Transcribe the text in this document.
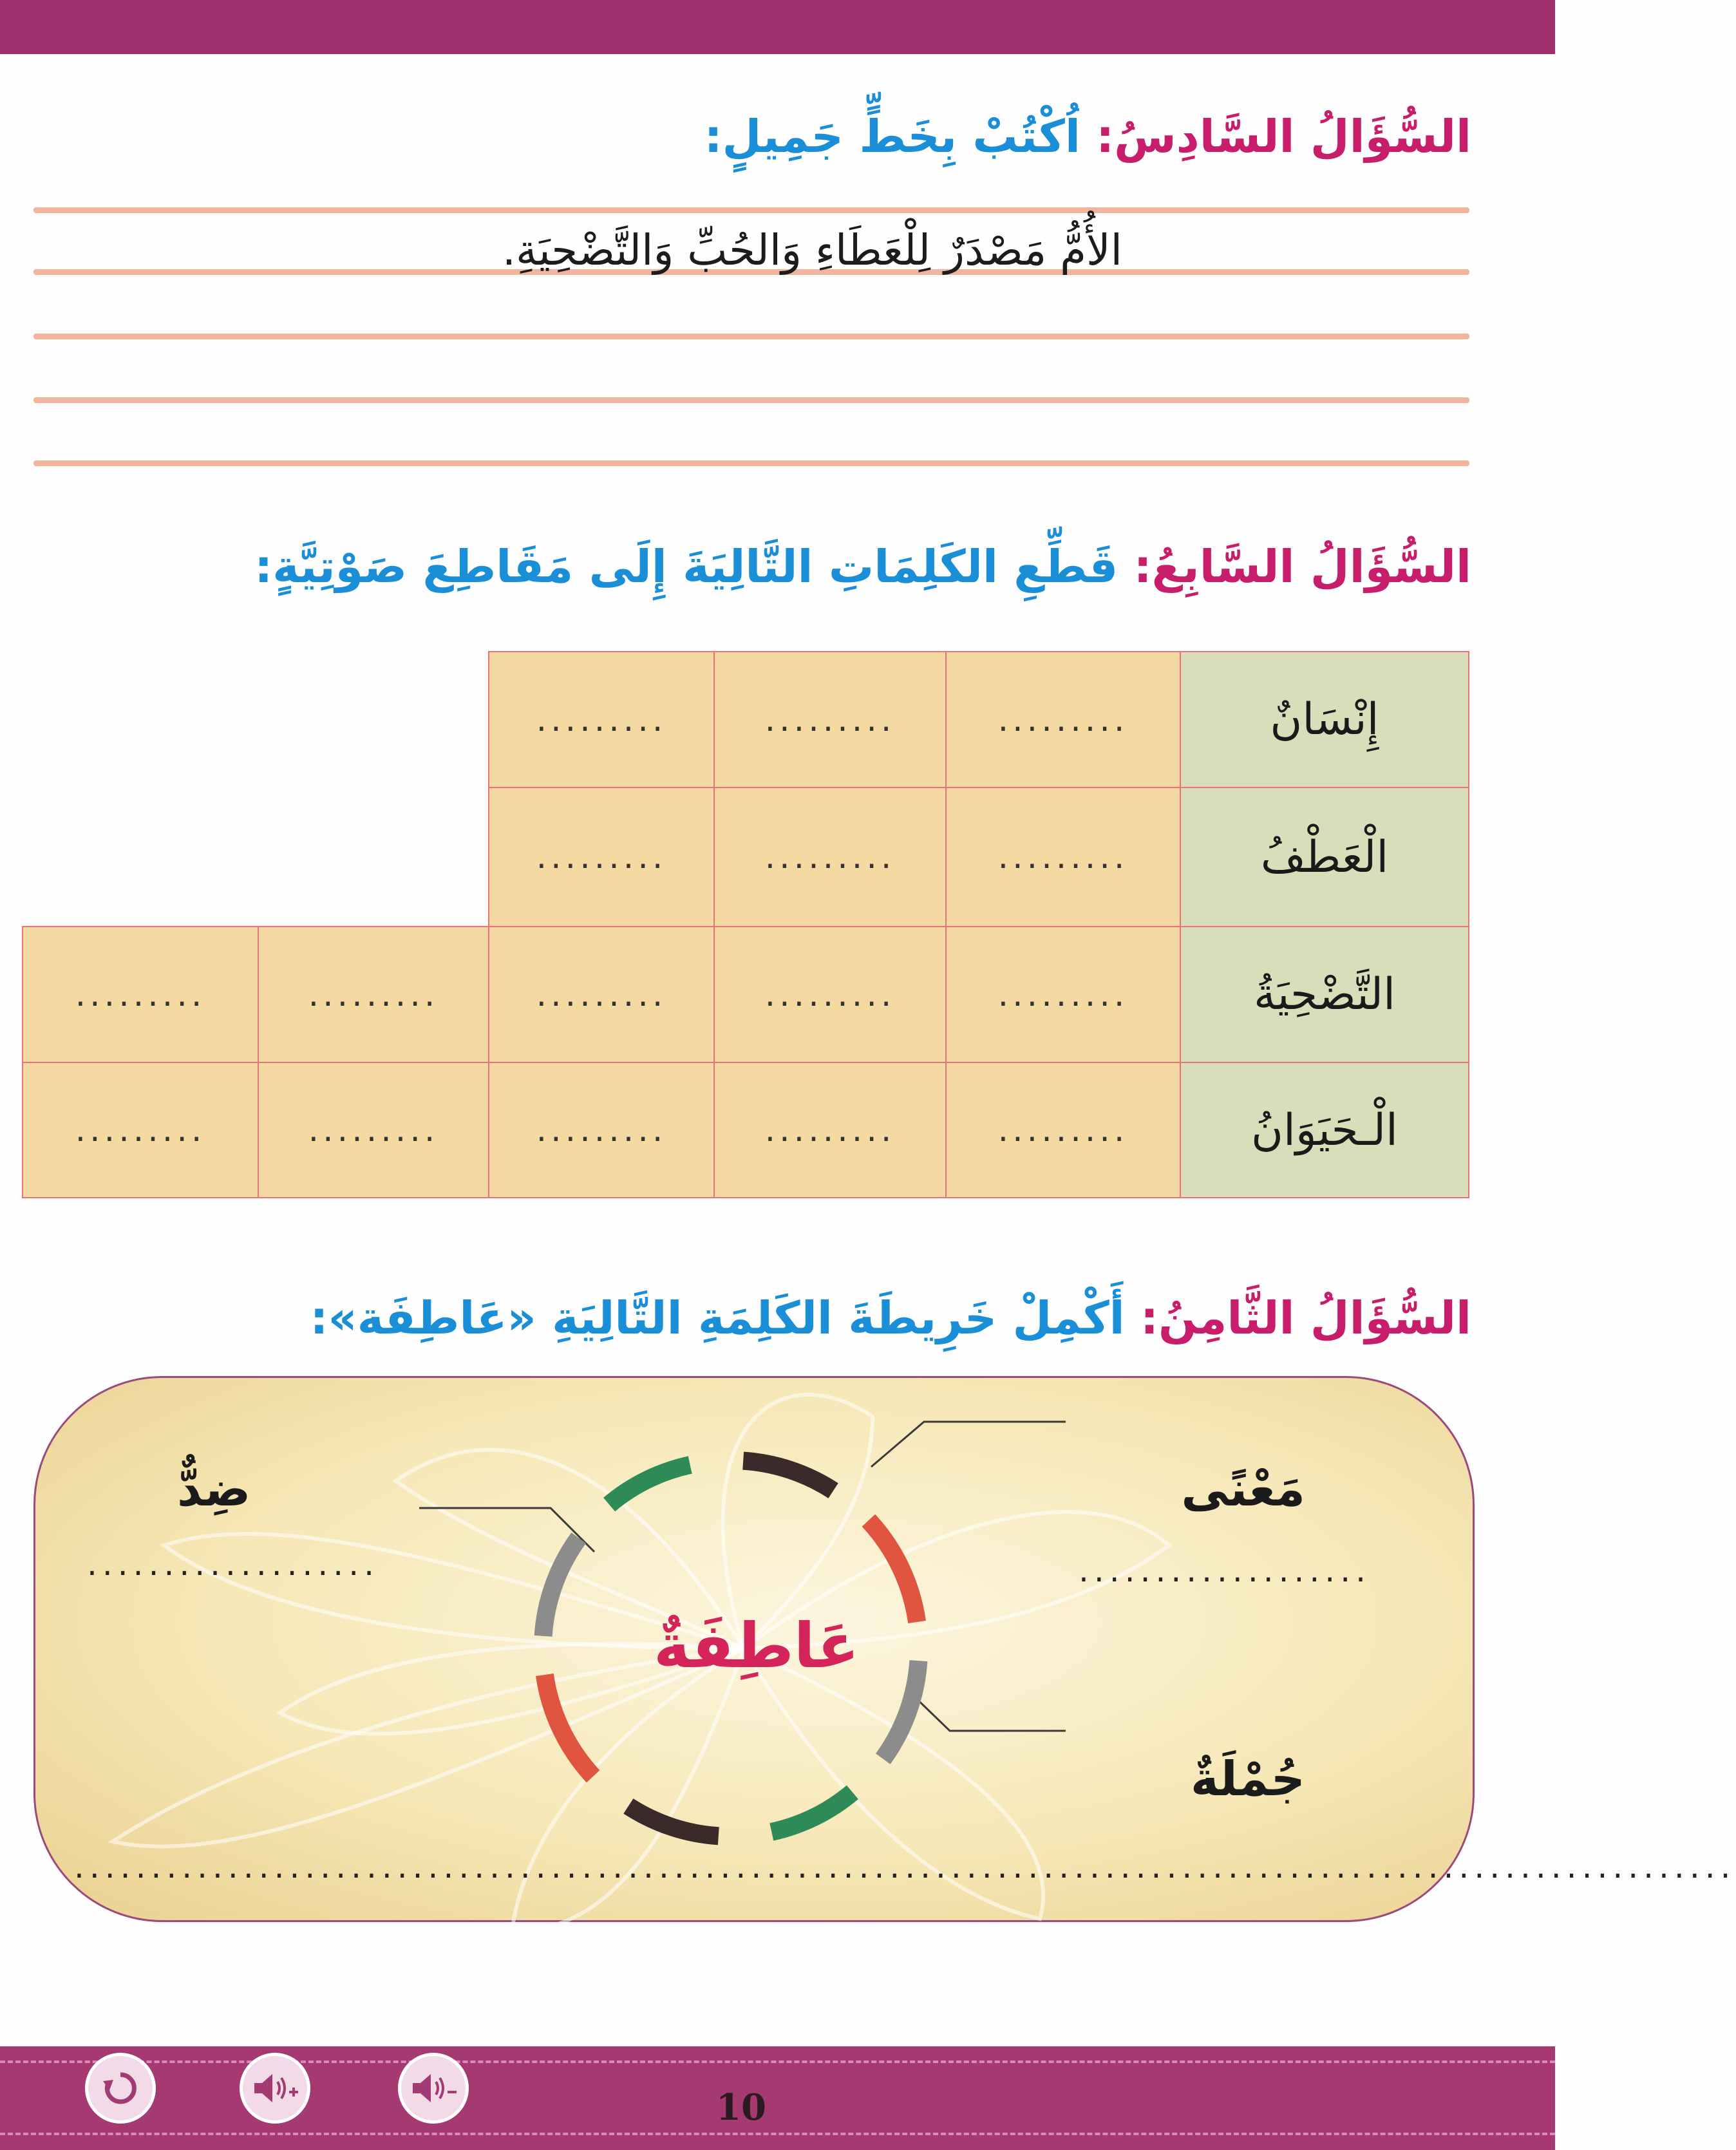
السُّؤَالُ السَّادِسُ: اُكْتُبْ بِخَطٍّ جَمِيلٍ:
الأُمُّ مَصْدَرٌ لِلْعَطَاءِ وَالحُبِّ وَالتَّضْحِيَةِ.
السُّؤَالُ السَّابِعُ: قَطِّعِ الكَلِمَاتِ التَّالِيَةَ إِلَى مَقَاطِعَ صَوْتِيَّةٍ:
إِنْسَانٌ
.........
.........
.........
الْعَطْفُ
.........
.........
.........
التَّضْحِيَةُ
.........
.........
.........
.........
.........
الْـحَيَوَانُ
.........
.........
.........
.........
.........
السُّؤَالُ الثَّامِنُ: أَكْمِلْ خَرِيطَةَ الكَلِمَةِ التَّالِيَةِ «عَاطِفَة»:
عَاطِفَةٌ
مَعْنًى
...................
ضِدٌّ
...................
جُمْلَةٌ
............................................................................................................
10
